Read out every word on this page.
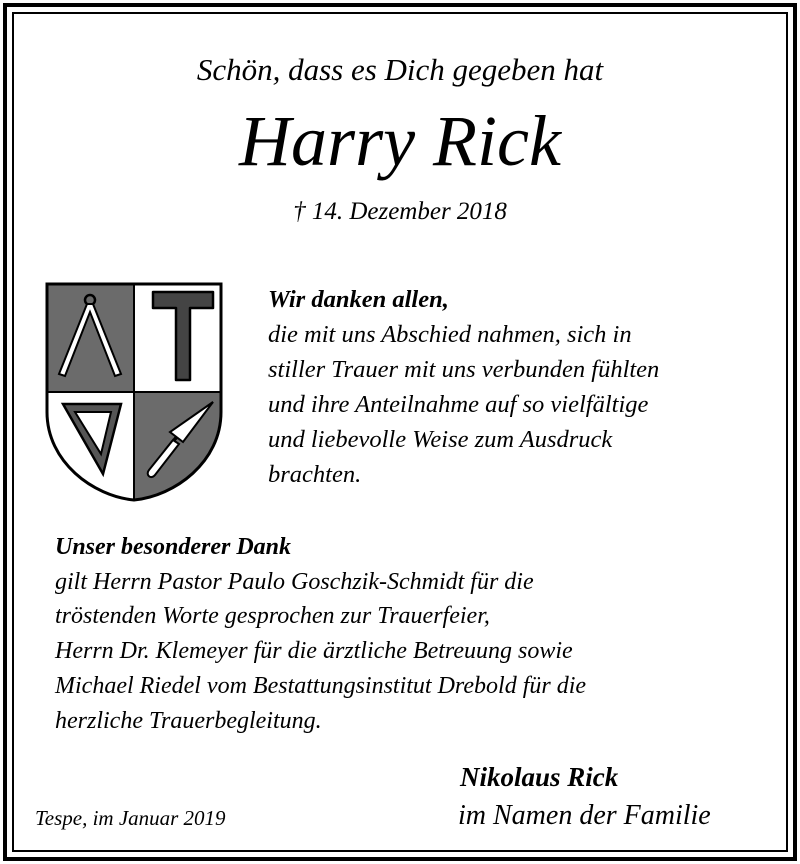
Schön, dass es Dich gegeben hat
Harry Rick
† 14. Dezember 2018
Wir danken allen,
die mit uns Abschied nahmen, sich in
stiller Trauer mit uns verbunden fühlten
und ihre Anteilnahme auf so vielfältige
und liebevolle Weise zum Ausdruck
brachten.
Unser besonderer Dank
gilt Herrn Pastor Paulo Goschzik-Schmidt für die
tröstenden Worte gesprochen zur Trauerfeier,
Herrn Dr. Klemeyer für die ärztliche Betreuung sowie
Michael Riedel vom Bestattungsinstitut Drebold für die
herzliche Trauerbegleitung.
Tespe, im Januar 2019
Nikolaus Rick
im Namen der Familie
